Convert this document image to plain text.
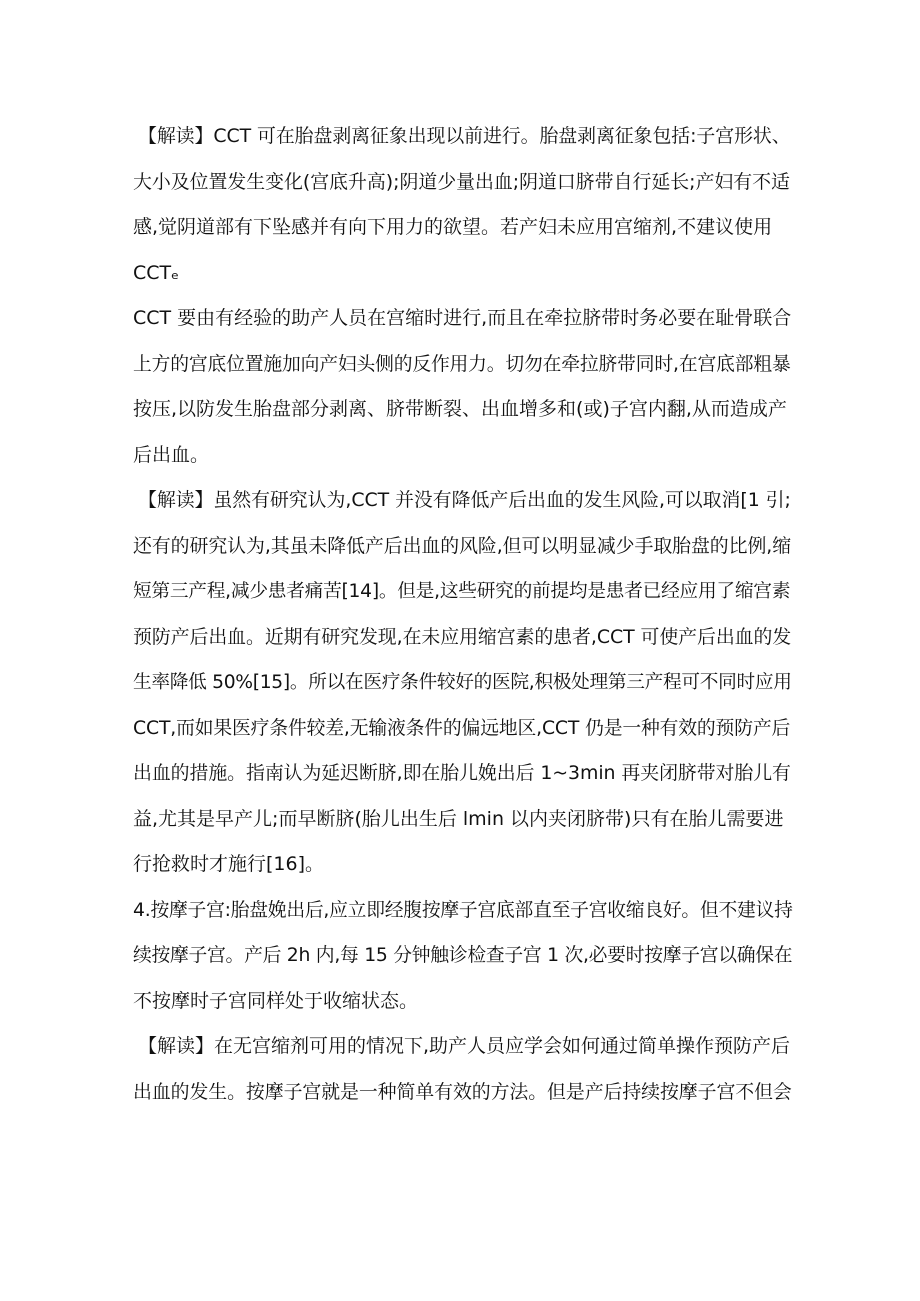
【解读】CCT 可在胎盘剥离征象出现以前进行。胎盘剥离征象包括:子宫形状、
大小及位置发生变化(宫底升高);阴道少量出血;阴道口脐带自行延长;产妇有不适
感,觉阴道部有下坠感并有向下用力的欲望。若产妇未应用宫缩剂,不建议使用
CCTₑ
CCT 要由有经验的助产人员在宫缩时进行,而且在牵拉脐带时务必要在耻骨联合
上方的宫底位置施加向产妇头侧的反作用力。切勿在牵拉脐带同时,在宫底部粗暴
按压,以防发生胎盘部分剥离、脐带断裂、出血增多和(或)子宫内翻,从而造成产
后出血。
【解读】虽然有研究认为,CCT 并没有降低产后出血的发生风险,可以取消[1 引;
还有的研究认为,其虽未降低产后出血的风险,但可以明显减少手取胎盘的比例,缩
短第三产程,减少患者痛苦[14]。但是,这些研究的前提均是患者已经应用了缩宫素
预防产后出血。近期有研究发现,在未应用缩宫素的患者,CCT 可使产后出血的发
生率降低 50%[15]。所以在医疗条件较好的医院,积极处理第三产程可不同时应用
CCT,而如果医疗条件较差,无输液条件的偏远地区,CCT 仍是一种有效的预防产后
出血的措施。指南认为延迟断脐,即在胎儿娩出后 1~3min 再夹闭脐带对胎儿有
益,尤其是早产儿;而早断脐(胎儿出生后 lmin 以内夹闭脐带)只有在胎儿需要进
行抢救时才施行[16]。
4.按摩子宫:胎盘娩出后,应立即经腹按摩子宫底部直至子宫收缩良好。但不建议持
续按摩子宫。产后 2h 内,每 15 分钟触诊检查子宫 1 次,必要时按摩子宫以确保在
不按摩时子宫同样处于收缩状态。
【解读】在无宫缩剂可用的情况下,助产人员应学会如何通过简单操作预防产后
出血的发生。按摩子宫就是一种简单有效的方法。但是产后持续按摩子宫不但会
